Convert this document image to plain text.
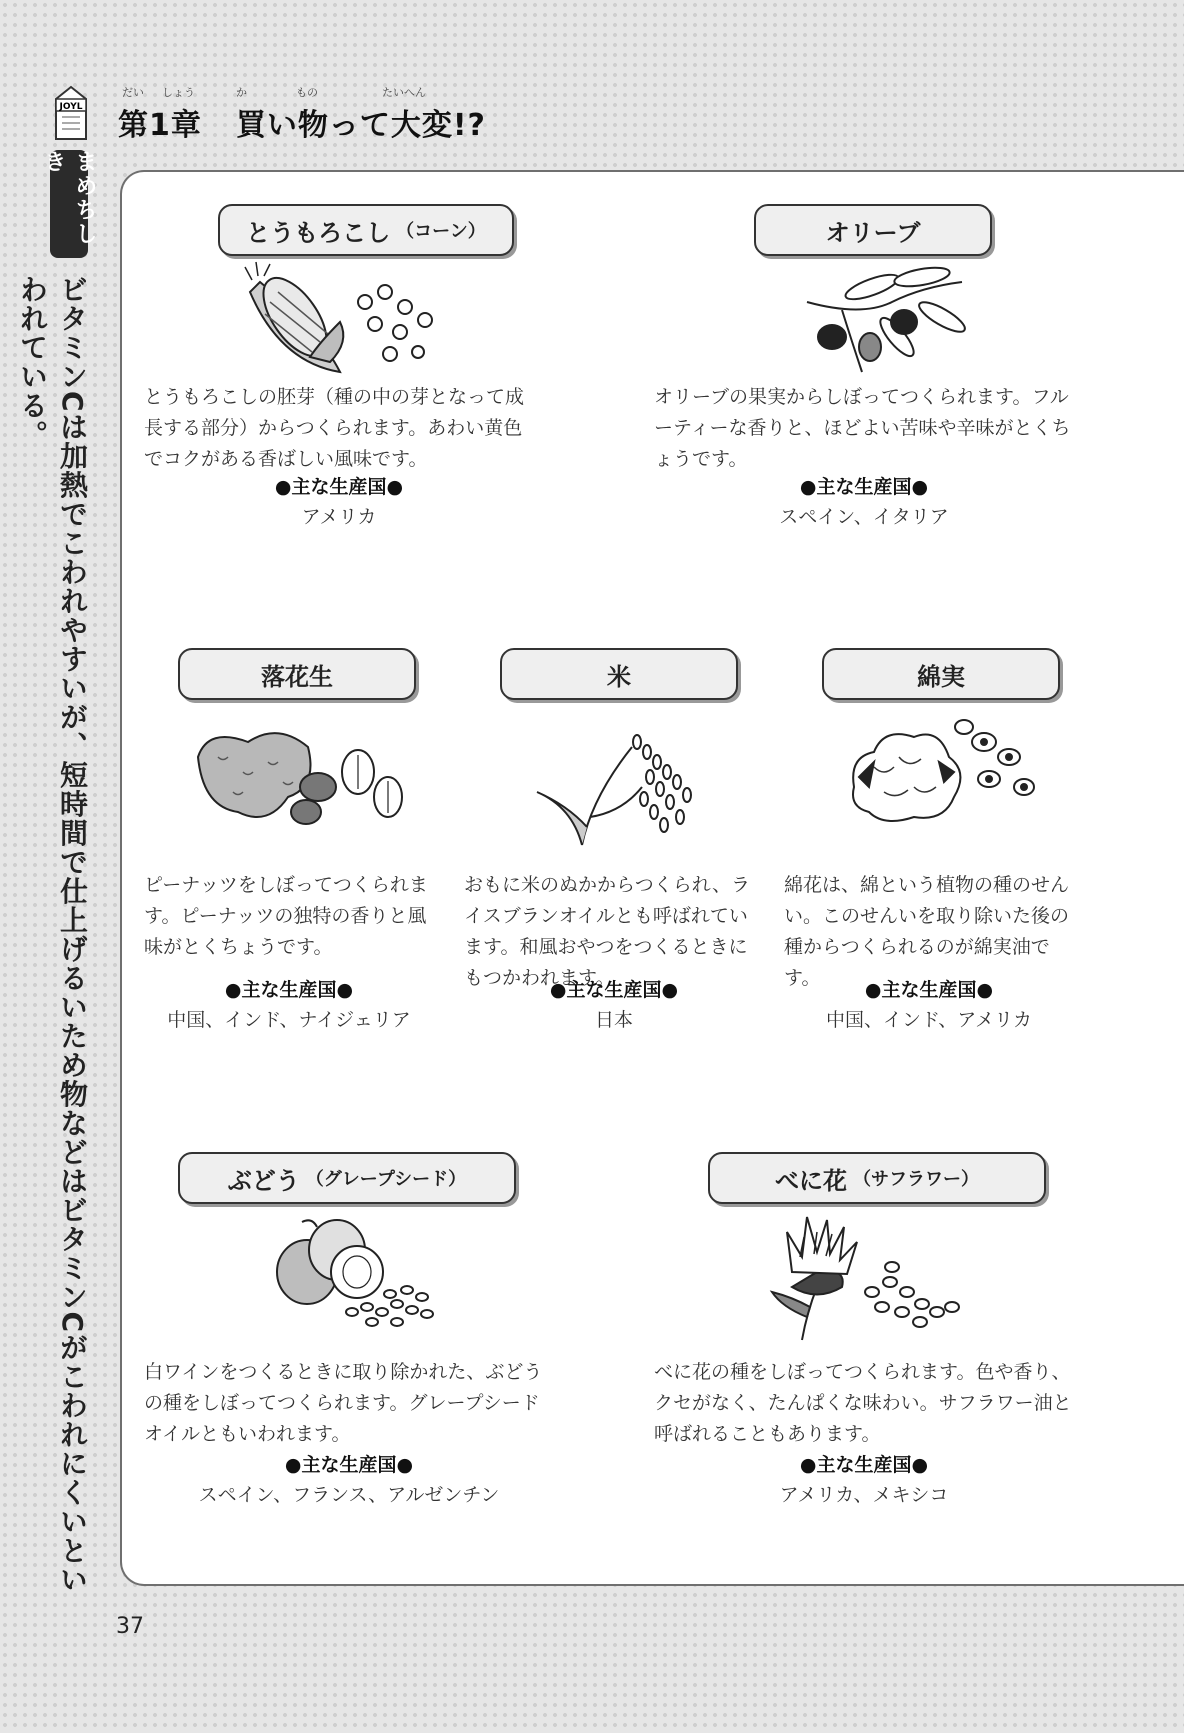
JOYL
だい しょう	か	もの	たいへん
第1章 買い物って大変!?
まめちしき
ビタミンCは加熱でこわれやすいが、短時間で仕上げるいため物などはビタミンCがこわれにくいといわれている。
とうもろこし （コーン）

とうもろこしの胚芽（種の中の芽となって成長する部分）からつくられます。あわい黄色でコクがある香ばしい風味です。

●主な生産国●
アメリカ
オリーブ

オリーブの果実からしぼってつくられます。フルーティーな香りと、ほどよい苦味や辛味がとくちょうです。

●主な生産国●
スペイン、イタリア
落花生

ピーナッツをしぼってつくられます。ピーナッツの独特の香りと風味がとくちょうです。

●主な生産国●
中国、インド、ナイジェリア
米

おもに米のぬかからつくられ、ライスブランオイルとも呼ばれています。和風おやつをつくるときにもつかわれます。

●主な生産国●
日本
綿実

綿花は、綿という植物の種のせんい。このせんいを取り除いた後の種からつくられるのが綿実油です。

●主な生産国●
中国、インド、アメリカ
ぶどう （グレープシード）

白ワインをつくるときに取り除かれた、ぶどうの種をしぼってつくられます。グレープシードオイルともいわれます。

●主な生産国●
スペイン、フランス、アルゼンチン
べに花 （サフラワー）

べに花の種をしぼってつくられます。色や香り、クセがなく、たんぱくな味わい。サフラワー油と呼ばれることもあります。

●主な生産国●
アメリカ、メキシコ
37
